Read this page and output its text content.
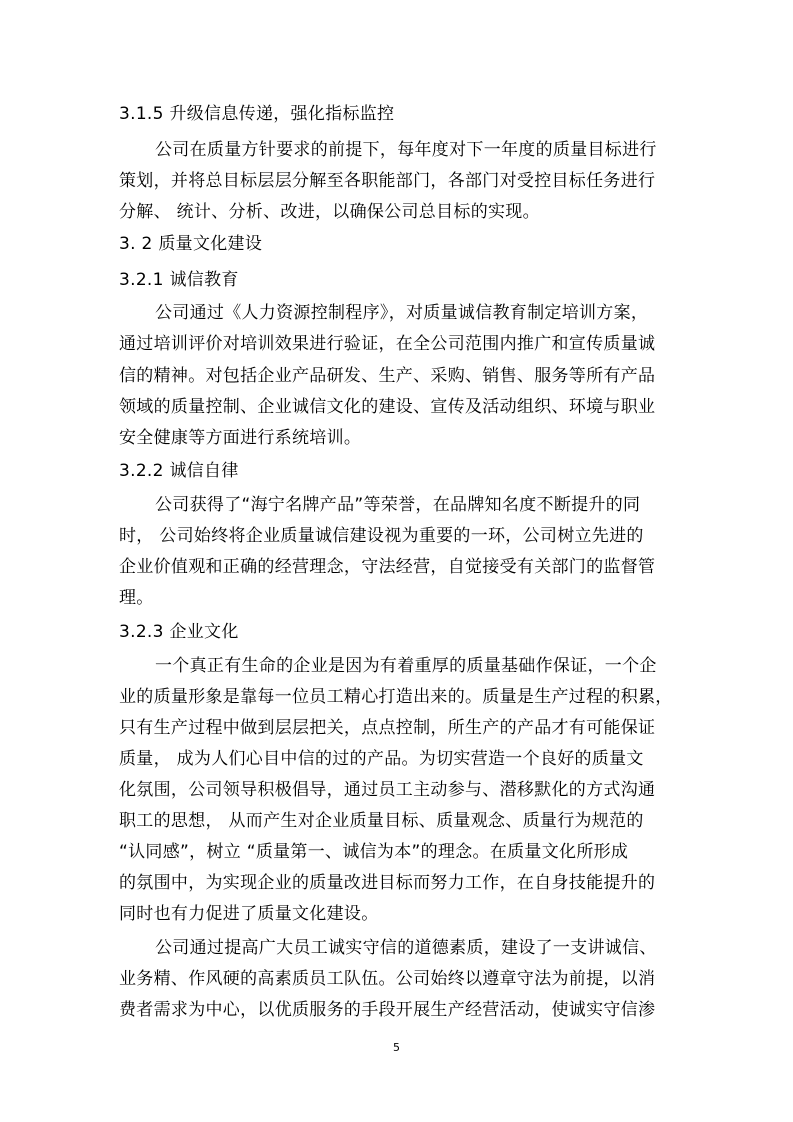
3.1.5 升级信息传递，强化指标监控
公司在质量方针要求的前提下，每年度对下一年度的质量目标进行
策划，并将总目标层层分解至各职能部门，各部门对受控目标任务进行
分解、 统计、分析、改进，以确保公司总目标的实现。
3. 2 质量文化建设
3.2.1 诚信教育
公司通过《人力资源控制程序》，对质量诚信教育制定培训方案，
通过培训评价对培训效果进行验证，在全公司范围内推广和宣传质量诚
信的精神。对包括企业产品研发、生产、采购、销售、服务等所有产品
领域的质量控制、企业诚信文化的建设、宣传及活动组织、环境与职业
安全健康等方面进行系统培训。
3.2.2 诚信自律
公司获得了“海宁名牌产品”等荣誉，在品牌知名度不断提升的同
时， 公司始终将企业质量诚信建设视为重要的一环，公司树立先进的
企业价值观和正确的经营理念，守法经营，自觉接受有关部门的监督管
理。
3.2.3 企业文化
一个真正有生命的企业是因为有着重厚的质量基础作保证，一个企
业的质量形象是靠每一位员工精心打造出来的。质量是生产过程的积累，
只有生产过程中做到层层把关，点点控制，所生产的产品才有可能保证
质量， 成为人们心目中信的过的产品。为切实营造一个良好的质量文
化氛围，公司领导积极倡导，通过员工主动参与、潜移默化的方式沟通
职工的思想， 从而产生对企业质量目标、质量观念、质量行为规范的
“认同感”，树立 “质量第一、诚信为本”的理念。在质量文化所形成
的氛围中，为实现企业的质量改进目标而努力工作，在自身技能提升的
同时也有力促进了质量文化建设。
公司通过提高广大员工诚实守信的道德素质，建设了一支讲诚信、
业务精、作风硬的高素质员工队伍。公司始终以遵章守法为前提，以消
费者需求为中心，以优质服务的手段开展生产经营活动，使诚实守信渗
5
